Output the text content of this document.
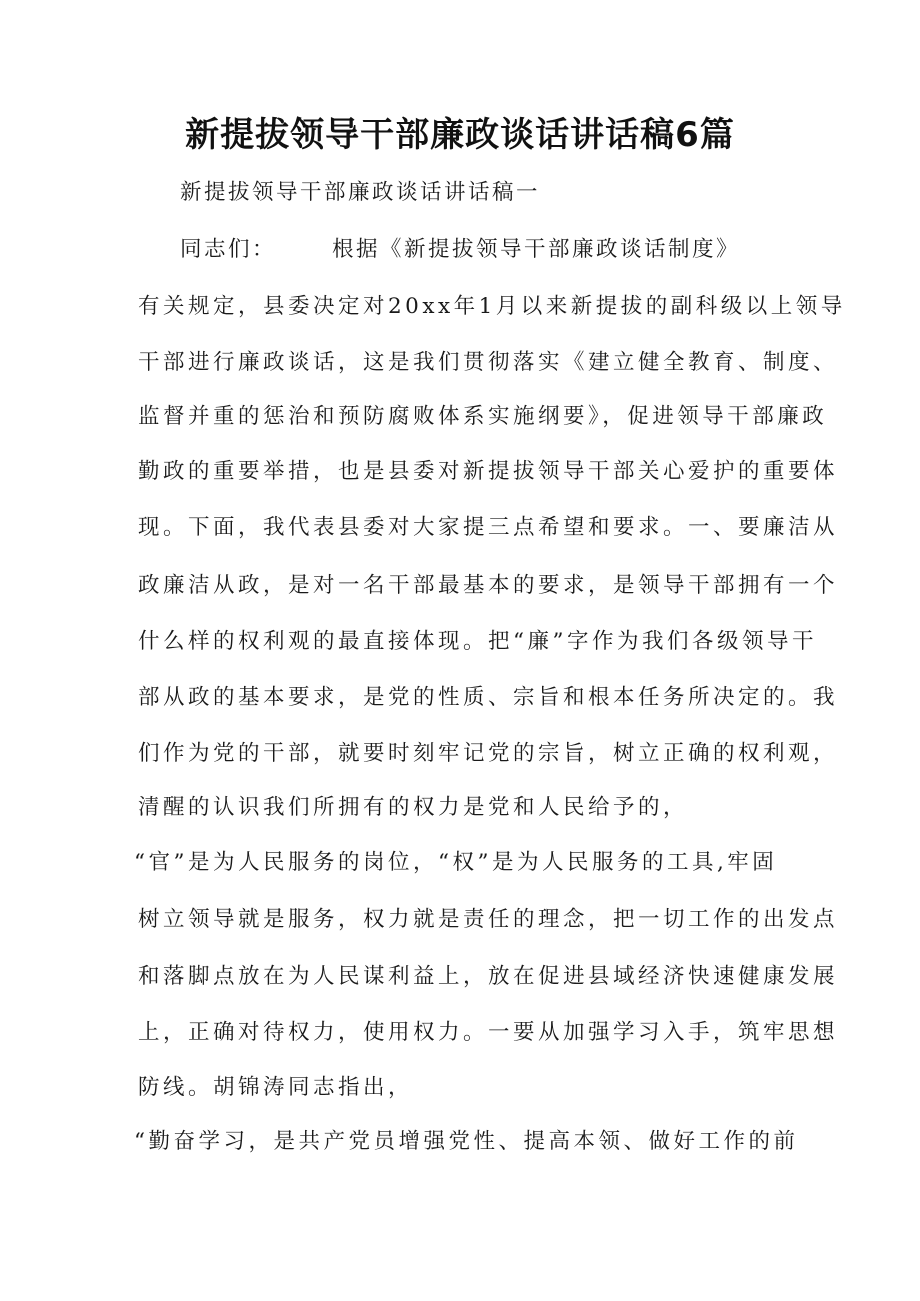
新提拔领导干部廉政谈话讲话稿6篇

新提拔领导干部廉政谈话讲话稿一

同志们：	根据《新提拔领导干部廉政谈话制度》

有关规定，县委决定对20xx年1月以来新提拔的副科级以上领导

干部进行廉政谈话，这是我们贯彻落实《建立健全教育、制度、

监督并重的惩治和预防腐败体系实施纲要》，促进领导干部廉政

勤政的重要举措，也是县委对新提拔领导干部关心爱护的重要体

现。下面，我代表县委对大家提三点希望和要求。一、要廉洁从

政廉洁从政，是对一名干部最基本的要求，是领导干部拥有一个

什么样的权利观的最直接体现。把“廉”字作为我们各级领导干

部从政的基本要求，是党的性质、宗旨和根本任务所决定的。我

们作为党的干部，就要时刻牢记党的宗旨，树立正确的权利观，

清醒的认识我们所拥有的权力是党和人民给予的，

“官”是为人民服务的岗位，“权”是为人民服务的工具,牢固

树立领导就是服务，权力就是责任的理念，把一切工作的出发点

和落脚点放在为人民谋利益上，放在促进县域经济快速健康发展

上，正确对待权力，使用权力。一要从加强学习入手，筑牢思想

防线。胡锦涛同志指出，

“勤奋学习，是共产党员增强党性、提高本领、做好工作的前
